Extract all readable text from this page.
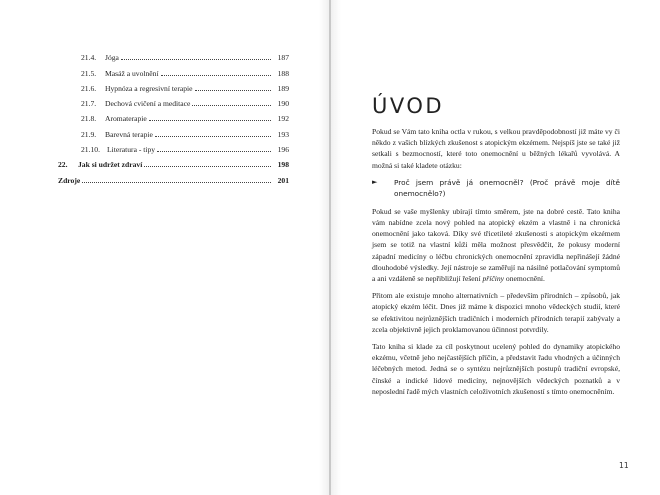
21.4.	Jóga	187
21.5.	Masáž a uvolnění	188
21.6.	Hypnóza a regresivní terapie	189
21.7.	Dechová cvičení a meditace	190
21.8.	Aromaterapie	192
21.9.	Barevná terapie	193
21.10. Literatura - tipy	196
22.	Jak si udržet zdraví	198
Zdroje	201
ÚVOD

Pokud se Vám tato kniha octla v rukou, s velkou pravděpodobností již máte vy či někdo z vašich blízkých zkušenost s atopickým ekzémem. Nejspíš jste se také již setkali s bezmocností, které toto onemocnění u běžných lékařů vyvolává. A možná si také kladete otázku:

►	Proč jsem právě já onemocněl? (Proč právě moje dítě onemocnělo?)

Pokud se vaše myšlenky ubírají tímto směrem, jste na dobré cestě. Tato kniha vám nabídne zcela nový pohled na atopický ekzém a vlastně i na chronická onemocnění jako taková. Díky své třicetileté zkušenosti s atopickým ekzémem jsem se totiž na vlastní kůži měla možnost přesvědčit, že pokusy moderní západní medicíny o léčbu chronických onemocnění zpravidla nepřinášejí žádné dlouhodobé výsledky. Její nástroje se zaměřují na násilné potlačování symptomů a ani vzdáleně se nepřibližují řešení příčiny onemocnění.

Přitom ale existuje mnoho alternativních – především přírodních – způsobů, jak atopický ekzém léčit. Dnes již máme k dispozici mnoho vědeckých studií, které se efektivitou nejrůznějších tradičních i moderních přírodních terapií zabývaly a zcela objektivně jejich proklamovanou účinnost potvrdily.

Tato kniha si klade za cíl poskytnout ucelený pohled do dynamiky atopického ekzému, včetně jeho nejčastějších příčin, a představit řadu vhodných a účinných léčebných metod. Jedná se o syntézu nejrůznějších postupů tradiční evropské, čínské a indické lidové medicíny, nejnovějších vědeckých poznatků a v neposlední řadě mých vlastních celoživotních zkušeností s tímto onemocněním.

11
